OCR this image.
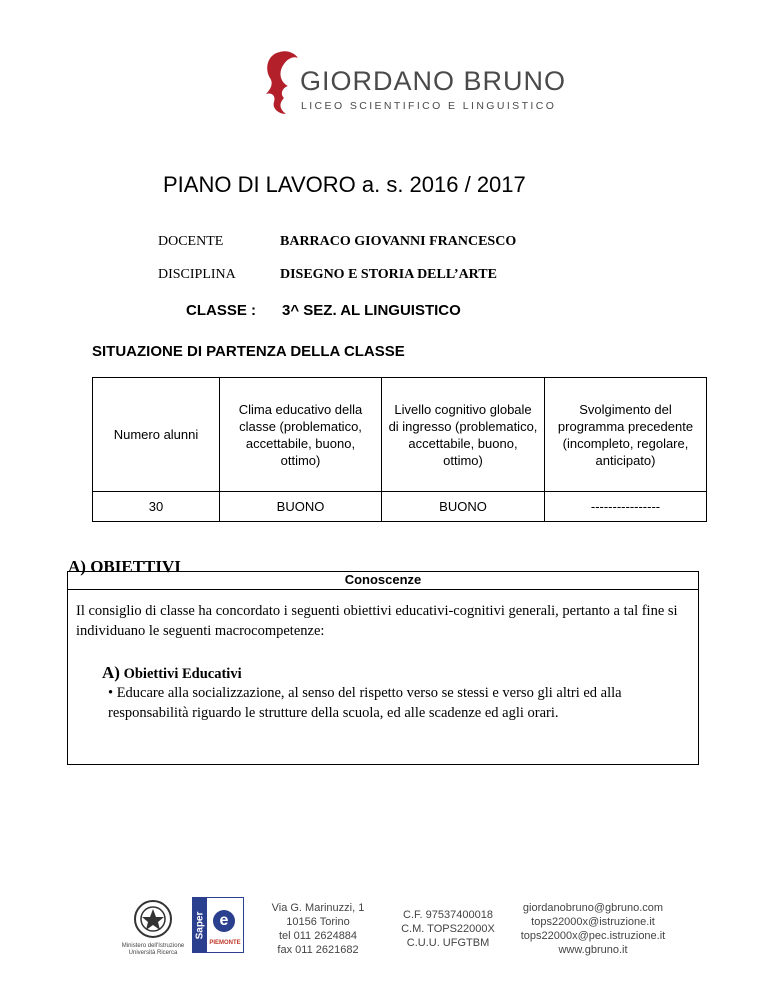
GIORDANO BRUNO
LICEO SCIENTIFICO E LINGUISTICO
PIANO DI LAVORO a. s. 2016 / 2017
DOCENTE	BARRACO GIOVANNI FRANCESCO
DISCIPLINA	DISEGNO E STORIA DELL’ARTE
CLASSE : 3^ SEZ. AL LINGUISTICO
SITUAZIONE DI PARTENZA DELLA CLASSE
Numero alunni	Clima educativo della classe (problematico, accettabile, buono, ottimo)	Livello cognitivo globale di ingresso (problematico, accettabile, buono, ottimo)	Svolgimento del programma precedente (incompleto, regolare, anticipato)
30	BUONO	BUONO	----------------
A) OBIETTIVI
Conoscenze
Il consiglio di classe ha concordato i seguenti obiettivi educativi-cognitivi generali, pertanto a tal fine si individuano le seguenti macrocompetenze:
A) Obiettivi Educativi
• Educare alla socializzazione, al senso del rispetto verso se stessi e verso gli altri ed alla responsabilità riguardo le strutture della scuola, ed alle scadenze ed agli orari.
Ministero dell'Istruzione Università Ricerca
Saper e
PIEMONTE
Via G. Marinuzzi, 1
10156 Torino
tel 011 2624884
fax 011 2621682
C.F. 97537400018
C.M. TOPS22000X
C.U.U. UFGTBM
giordanobruno@gbruno.com
tops22000x@istruzione.it
tops22000x@pec.istruzione.it
www.gbruno.it
